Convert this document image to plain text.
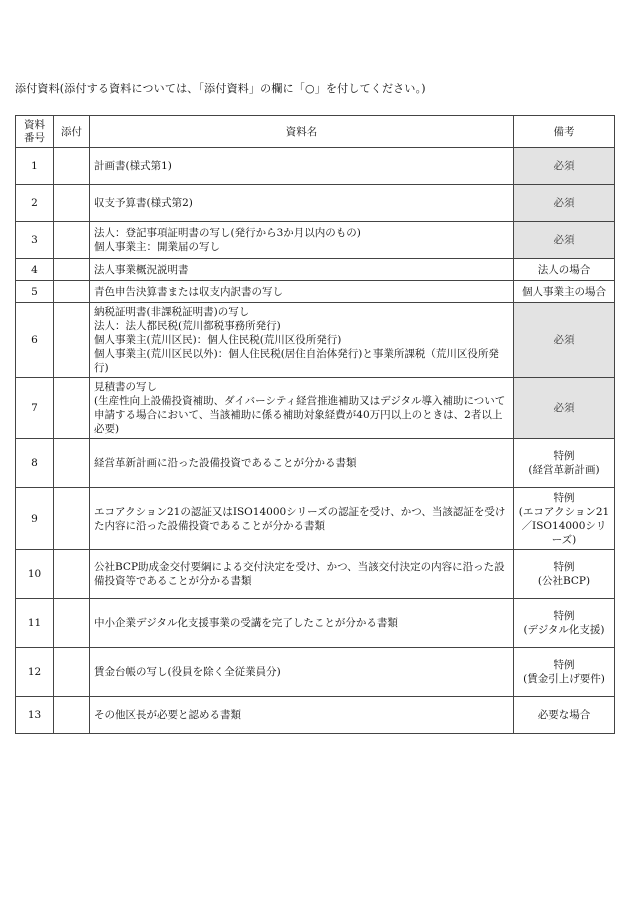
添付資料(添付する資料については、「添付資料」の欄に「○」を付してください。)
資料
番号	添付	資料名	備考
1		計画書(様式第1)	必須
2		収支予算書(様式第2)	必須
3		法人：登記事項証明書の写し(発行から3か月以内のもの)
個人事業主：開業届の写し	必須
4		法人事業概況説明書	法人の場合
5		青色申告決算書または収支内訳書の写し	個人事業主の場合
6		納税証明書(非課税証明書)の写し
法人：法人都民税(荒川都税事務所発行)
個人事業主(荒川区民)：個人住民税(荒川区役所発行)
個人事業主(荒川区民以外)：個人住民税(居住自治体発行)と事業所課税（荒川区役所発行)	必須
7		見積書の写し
(生産性向上設備投資補助、ダイバーシティ経営推進補助又はデジタル導入補助について申請する場合において、当該補助に係る補助対象経費が40万円以上のときは、2者以上必要)	必須
8		経営革新計画に沿った設備投資であることが分かる書類	特例
(経営革新計画)
9		エコアクション21の認証又はISO14000シリーズの認証を受け、かつ、当該認証を受けた内容に沿った設備投資であることが分かる書類	特例
(エコアクション21／ISO14000シリーズ)
10		公社BCP助成金交付要綱による交付決定を受け、かつ、当該交付決定の内容に沿った設備投資等であることが分かる書類	特例
(公社BCP)
11		中小企業デジタル化支援事業の受講を完了したことが分かる書類	特例
(デジタル化支援)
12		賃金台帳の写し(役員を除く全従業員分)	特例
(賃金引上げ要件)
13		その他区長が必要と認める書類	必要な場合
